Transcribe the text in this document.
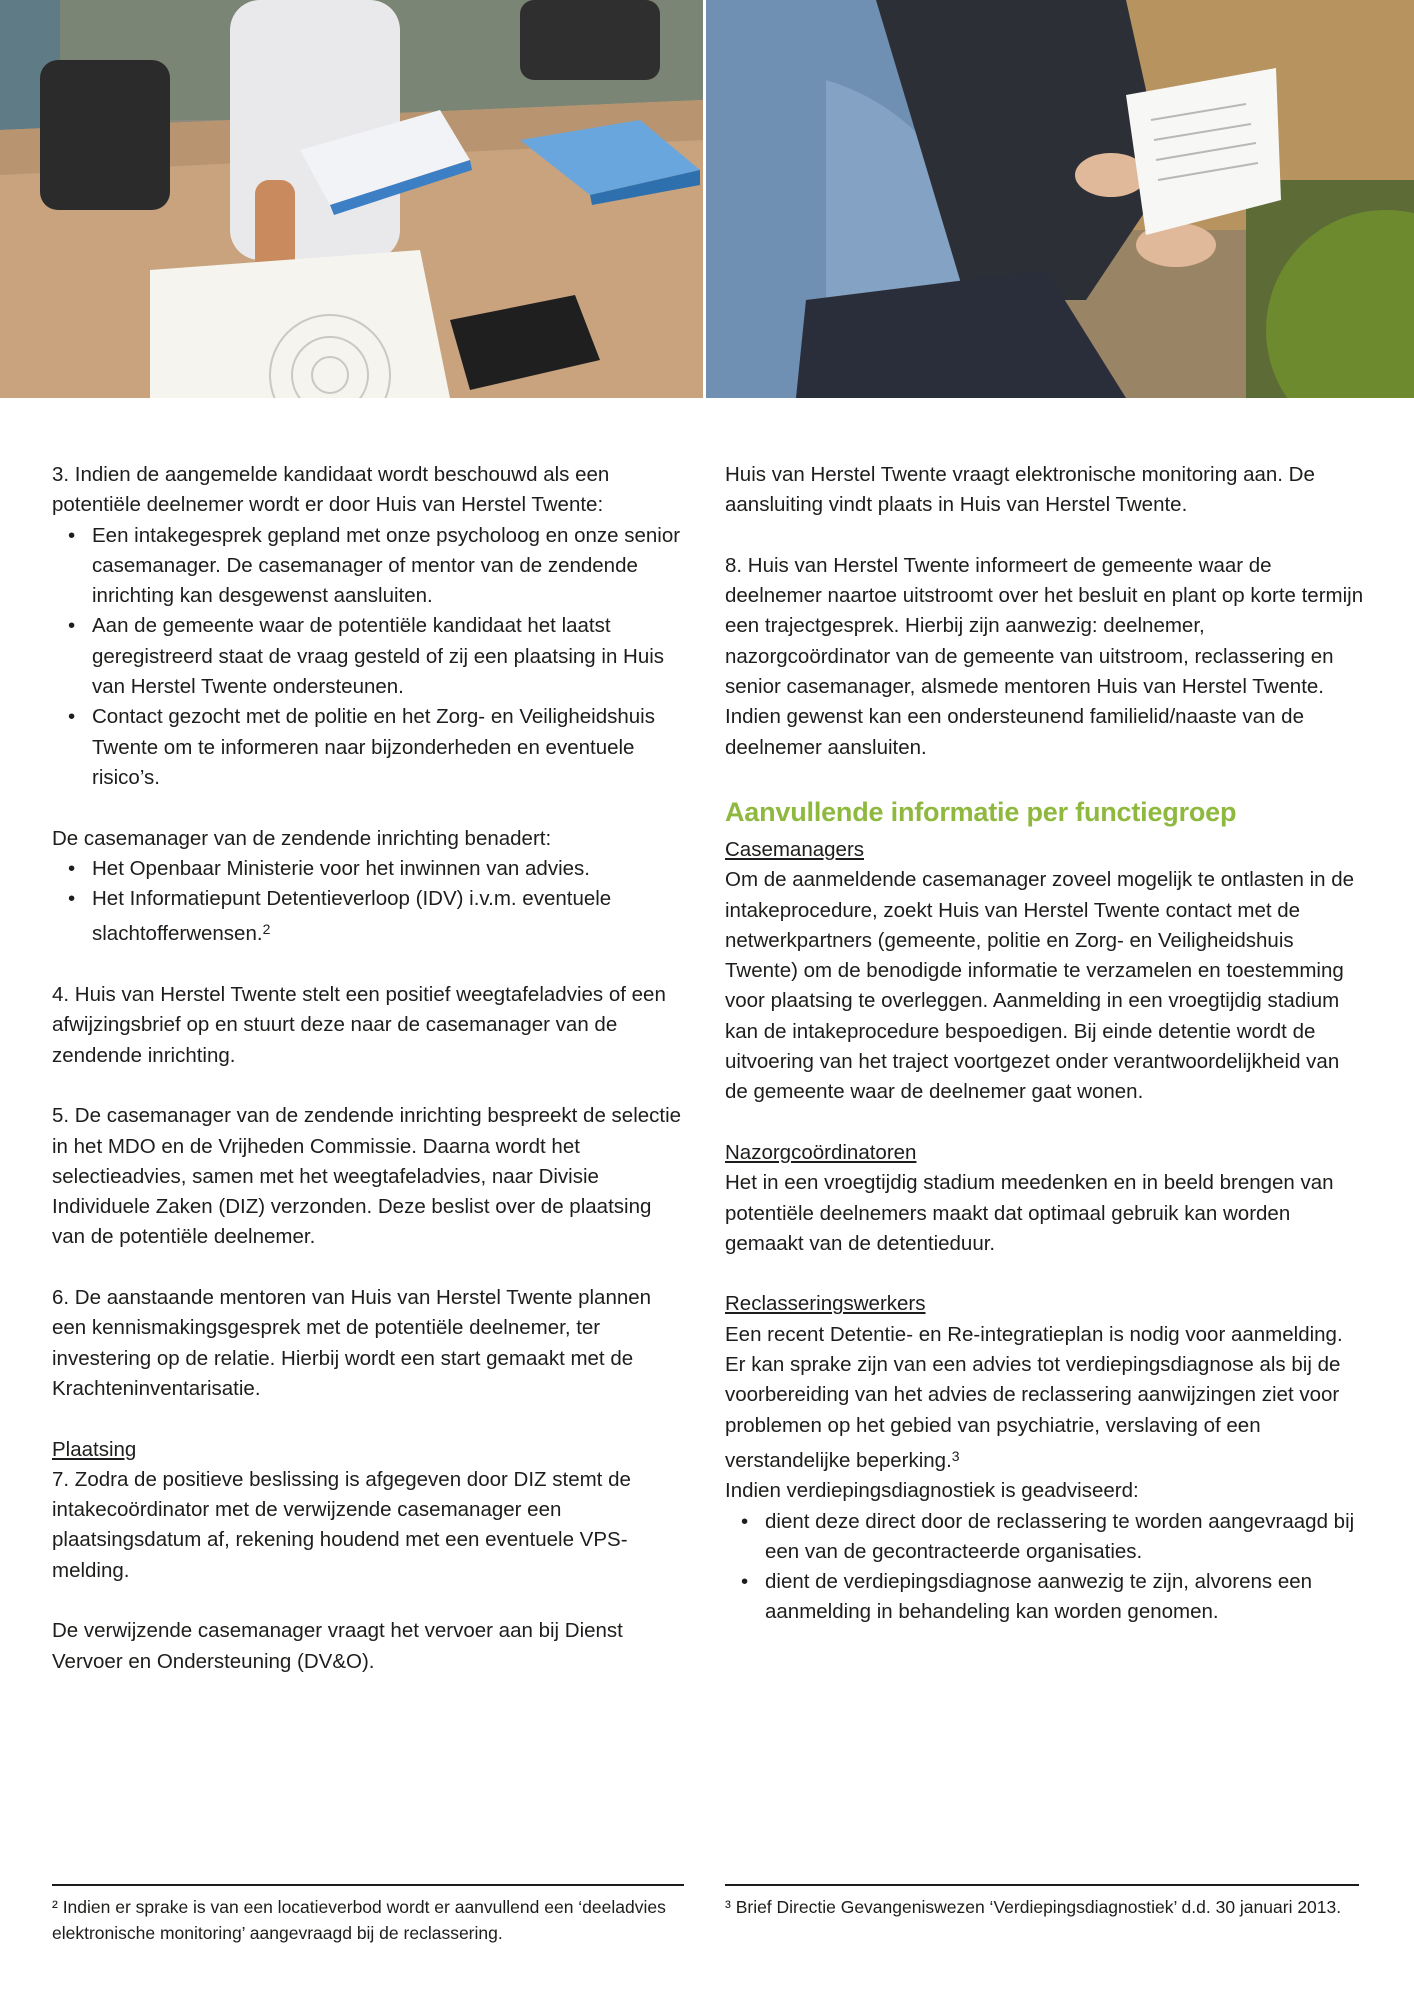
3. Indien de aangemelde kandidaat wordt beschouwd als een potentiële deelnemer wordt er door Huis van Herstel Twente:

• Een intakegesprek gepland met onze psycholoog en onze senior casemanager. De casemanager of mentor van de zendende inrichting kan desgewenst aansluiten.
• Aan de gemeente waar de potentiële kandidaat het laatst geregistreerd staat de vraag gesteld of zij een plaatsing in Huis van Herstel Twente ondersteunen.
• Contact gezocht met de politie en het Zorg- en Veiligheidshuis Twente om te informeren naar bijzonderheden en eventuele risico’s.

De casemanager van de zendende inrichting benadert:

• Het Openbaar Ministerie voor het inwinnen van advies.
• Het Informatiepunt Detentieverloop (IDV) i.v.m. eventuele slachtofferwensen.$^2$

4. Huis van Herstel Twente stelt een positief weegtafeladvies of een afwijzingsbrief op en stuurt deze naar de casemanager van de zendende inrichting.

5. De casemanager van de zendende inrichting bespreekt de selectie in het MDO en de Vrijheden Commissie. Daarna wordt het selectieadvies, samen met het weegtafeladvies, naar Divisie Individuele Zaken (DIZ) verzonden. Deze beslist over de plaatsing van de potentiële deelnemer.

6. De aanstaande mentoren van Huis van Herstel Twente plannen een kennismakingsgesprek met de potentiële deelnemer, ter investering op de relatie. Hierbij wordt een start gemaakt met de Krachteninventarisatie.

Plaatsing

7. Zodra de positieve beslissing is afgegeven door DIZ stemt de intakecoördinator met de verwijzende casemanager een plaatsingsdatum af, rekening houdend met een eventuele VPS-melding.

De verwijzende casemanager vraagt het vervoer aan bij Dienst Vervoer en Ondersteuning (DV&O).

Huis van Herstel Twente vraagt elektronische monitoring aan. De aansluiting vindt plaats in Huis van Herstel Twente.

8. Huis van Herstel Twente informeert de gemeente waar de deelnemer naartoe uitstroomt over het besluit en plant op korte termijn een trajectgesprek. Hierbij zijn aanwezig: deelnemer, nazorgcoördinator van de gemeente van uitstroom, reclassering en senior casemanager, alsmede mentoren Huis van Herstel Twente. Indien gewenst kan een ondersteunend familielid/naaste van de deelnemer aansluiten.

Aanvullende informatie per functiegroep

Casemanagers

Om de aanmeldende casemanager zoveel mogelijk te ontlasten in de intakeprocedure, zoekt Huis van Herstel Twente contact met de netwerkpartners (gemeente, politie en Zorg- en Veiligheidshuis Twente) om de benodigde informatie te verzamelen en toestemming voor plaatsing te overleggen. Aanmelding in een vroegtijdig stadium kan de intakeprocedure bespoedigen. Bij einde detentie wordt de uitvoering van het traject voortgezet onder verantwoordelijkheid van de gemeente waar de deelnemer gaat wonen.

Nazorgcoördinatoren

Het in een vroegtijdig stadium meedenken en in beeld brengen van potentiële deelnemers maakt dat optimaal gebruik kan worden gemaakt van de detentieduur.

Reclasseringswerkers

Een recent Detentie- en Re-integratieplan is nodig voor aanmelding. Er kan sprake zijn van een advies tot verdiepingsdiagnose als bij de voorbereiding van het advies de reclassering aanwijzingen ziet voor problemen op het gebied van psychiatrie, verslaving of een verstandelijke beperking.$^3$

Indien verdiepingsdiagnostiek is geadviseerd:

• dient deze direct door de reclassering te worden aangevraagd bij een van de gecontracteerde organisaties.
• dient de verdiepingsdiagnose aanwezig te zijn, alvorens een aanmelding in behandeling kan worden genomen.

² Indien er sprake is van een locatieverbod wordt er aanvullend een ‘deeladvies elektronische monitoring’ aangevraagd bij de reclassering.

³ Brief Directie Gevangeniswezen ‘Verdiepingsdiagnostiek’ d.d. 30 januari 2013.
